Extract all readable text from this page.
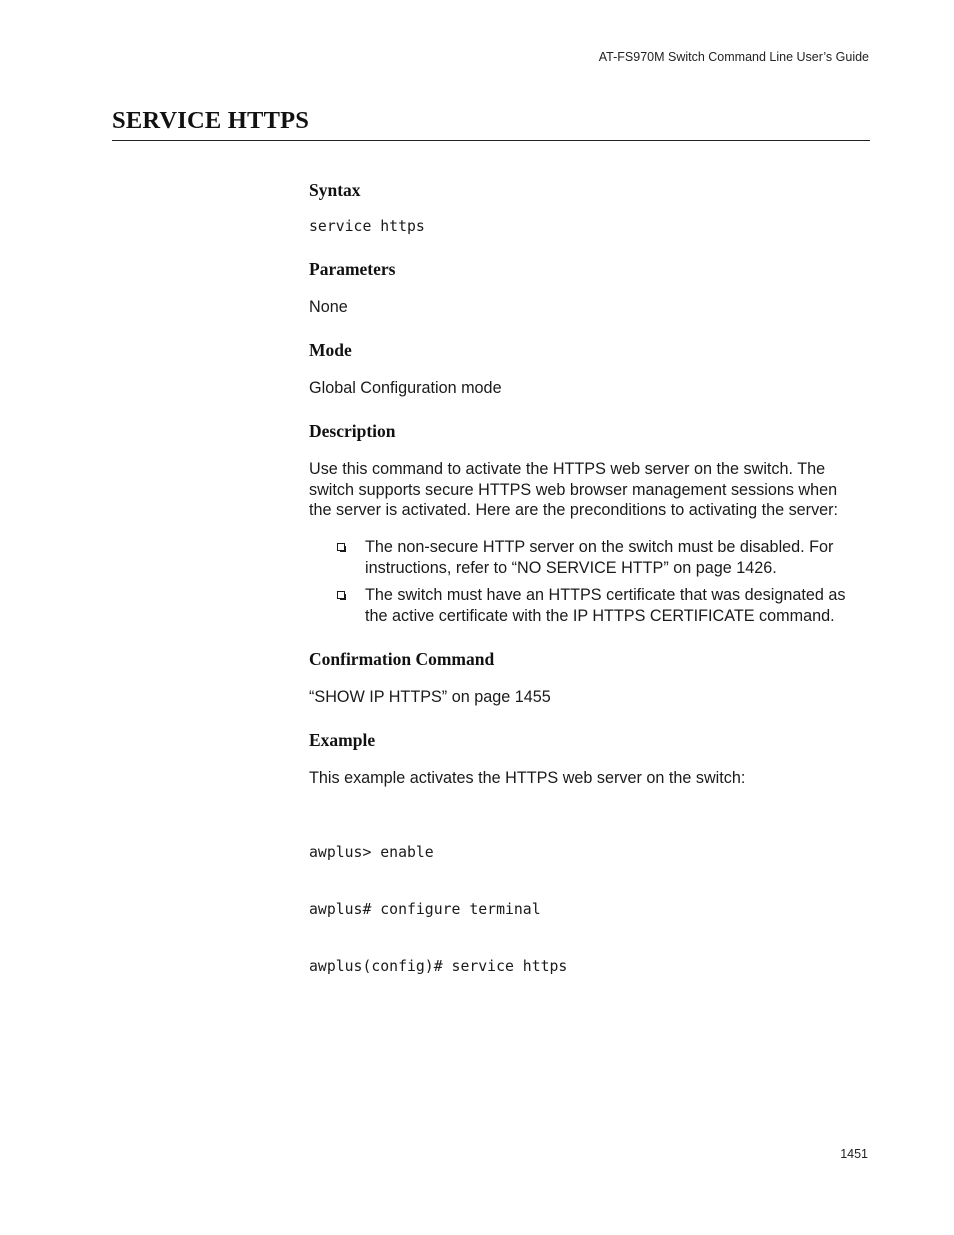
AT-FS970M Switch Command Line User’s Guide
SERVICE HTTPS
Syntax
service https
Parameters

None

Mode

Global Configuration mode

Description

Use this command to activate the HTTPS web server on the switch. The
switch supports secure HTTPS web browser management sessions when
the server is activated. Here are the preconditions to activating the server:

The non-secure HTTP server on the switch must be disabled. For
instructions, refer to “NO SERVICE HTTP” on page 1426.
The switch must have an HTTPS certificate that was designated as
the active certificate with the IP HTTPS CERTIFICATE command.
Confirmation Command

“SHOW IP HTTPS” on page 1455

Example

This example activates the HTTPS web server on the switch:

awplus> enable

awplus# configure terminal

awplus(config)# service https

1451
